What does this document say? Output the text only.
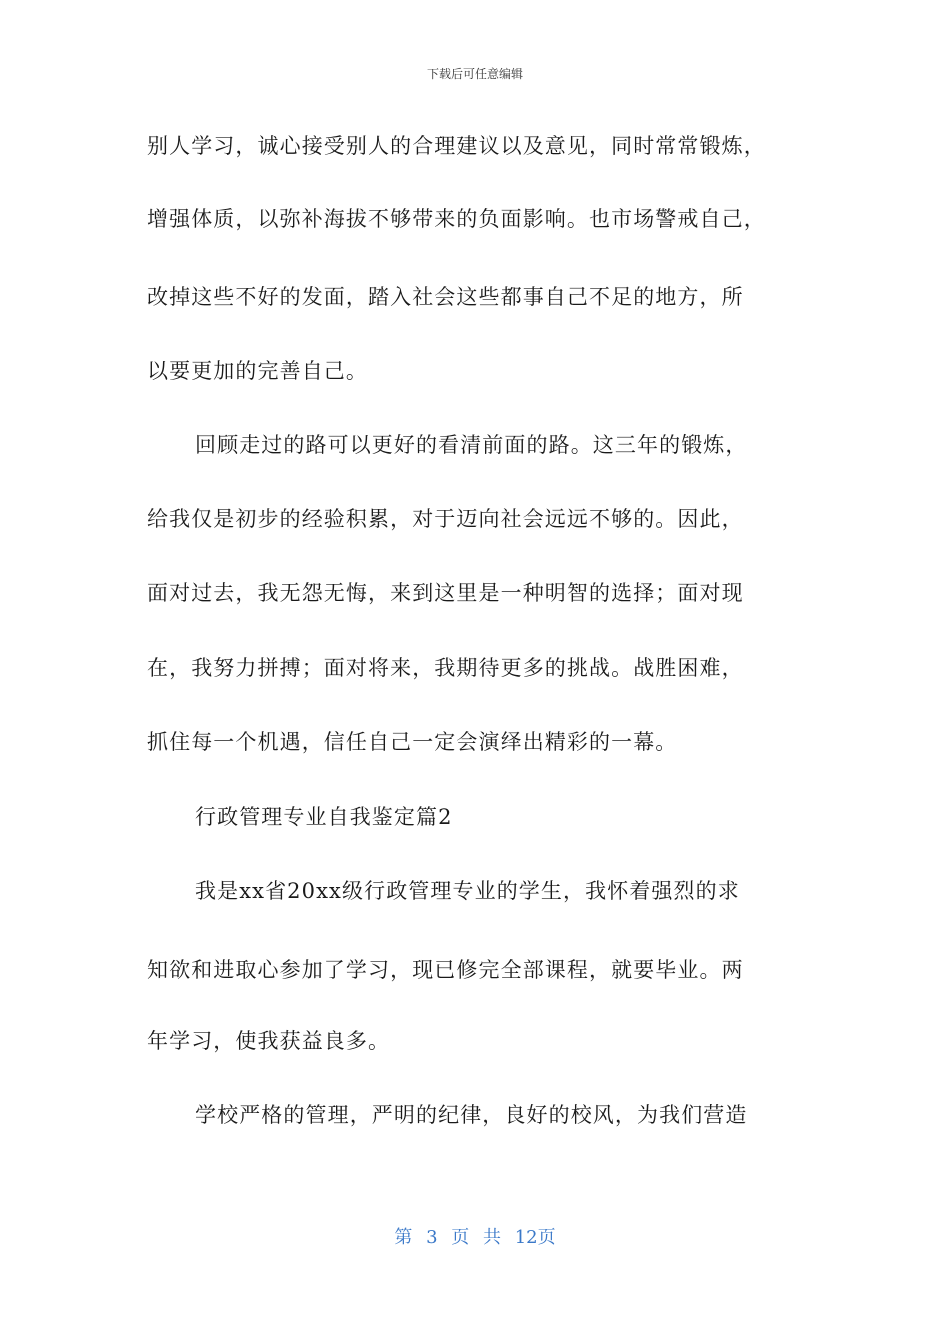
下载后可任意编辑
别人学习，诚心接受别人的合理建议以及意见，同时常常锻炼，
增强体质，以弥补海拔不够带来的负面影响。也市场警戒自己，
改掉这些不好的发面，踏入社会这些都事自己不足的地方，所
以要更加的完善自己。
回顾走过的路可以更好的看清前面的路。这三年的锻炼，
给我仅是初步的经验积累，对于迈向社会远远不够的。因此，
面对过去，我无怨无悔，来到这里是一种明智的选择；面对现
在，我努力拼搏；面对将来，我期待更多的挑战。战胜困难，
抓住每一个机遇，信任自己一定会演绎出精彩的一幕。
行政管理专业自我鉴定篇2
我是xx省20xx级行政管理专业的学生，我怀着强烈的求
知欲和进取心参加了学习，现已修完全部课程，就要毕业。两
年学习，使我获益良多。
学校严格的管理，严明的纪律，良好的校风，为我们营造
第 3 页 共 12页
